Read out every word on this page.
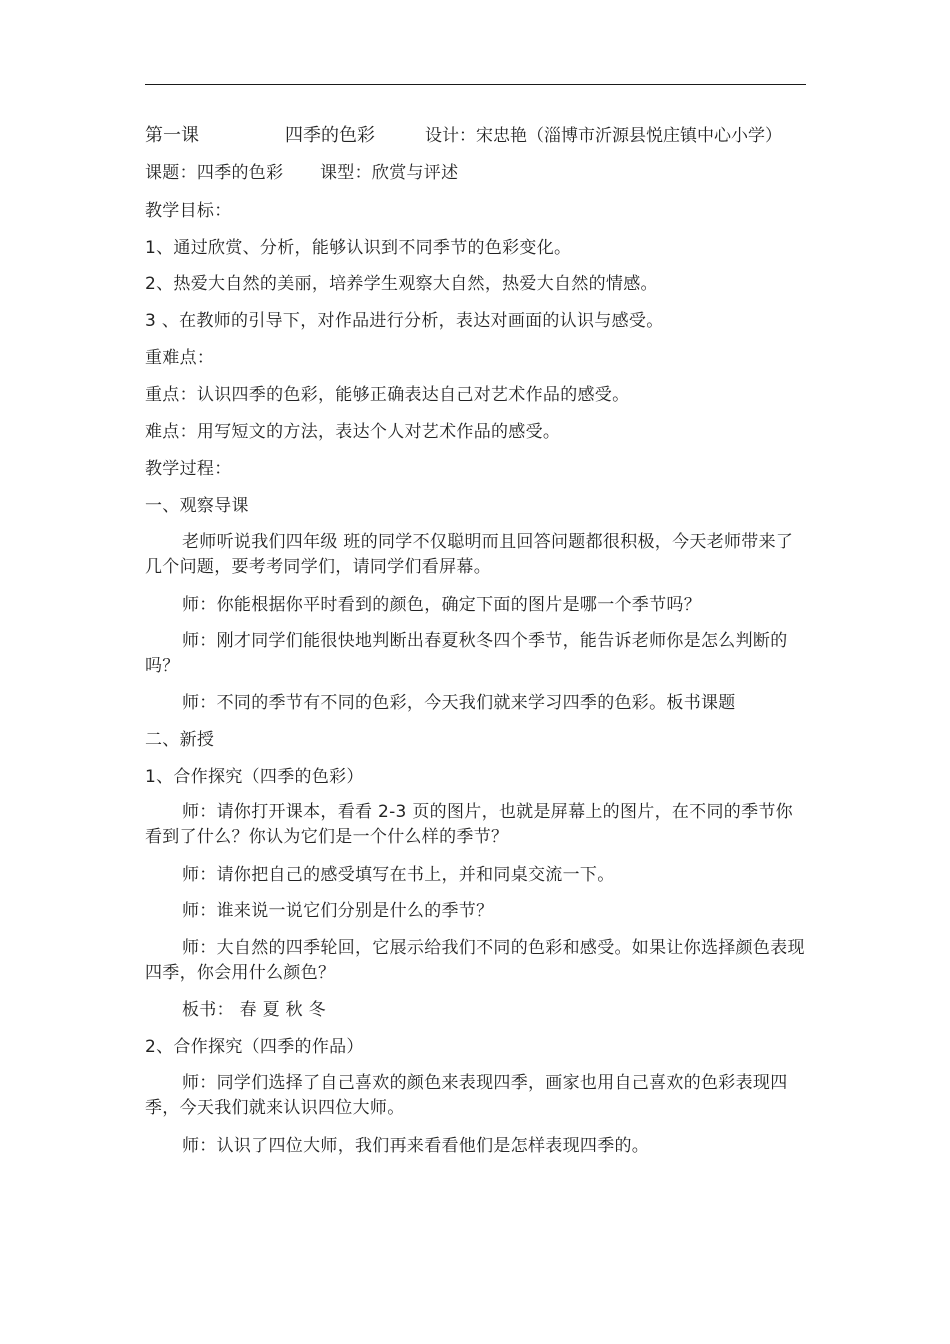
第一课	四季的色彩	设计：宋忠艳（淄博市沂源县悦庄镇中心小学）
课题：四季的色彩 课型：欣赏与评述
教学目标：
1、通过欣赏、分析，能够认识到不同季节的色彩变化。
2、热爱大自然的美丽，培养学生观察大自然，热爱大自然的情感。
3 、在教师的引导下，对作品进行分析，表达对画面的认识与感受。
重难点：
重点：认识四季的色彩，能够正确表达自己对艺术作品的感受。
难点：用写短文的方法，表达个人对艺术作品的感受。
教学过程：
一、观察导课
老师听说我们四年级 班的同学不仅聪明而且回答问题都很积极，今天老师带来了几个问题，要考考同学们，请同学们看屏幕。
师：你能根据你平时看到的颜色，确定下面的图片是哪一个季节吗？
师：刚才同学们能很快地判断出春夏秋冬四个季节，能告诉老师你是怎么判断的吗？
师：不同的季节有不同的色彩，今天我们就来学习四季的色彩。板书课题
二、新授
1、合作探究（四季的色彩）
师：请你打开课本，看看 2-3 页的图片，也就是屏幕上的图片，在不同的季节你看到了什么？你认为它们是一个什么样的季节？
师：请你把自己的感受填写在书上，并和同桌交流一下。
师：谁来说一说它们分别是什么的季节？
师：大自然的四季轮回，它展示给我们不同的色彩和感受。如果让你选择颜色表现四季，你会用什么颜色？
板书： 春 夏 秋 冬
2、合作探究（四季的作品）
师：同学们选择了自己喜欢的颜色来表现四季，画家也用自己喜欢的色彩表现四季，今天我们就来认识四位大师。
师：认识了四位大师，我们再来看看他们是怎样表现四季的。
